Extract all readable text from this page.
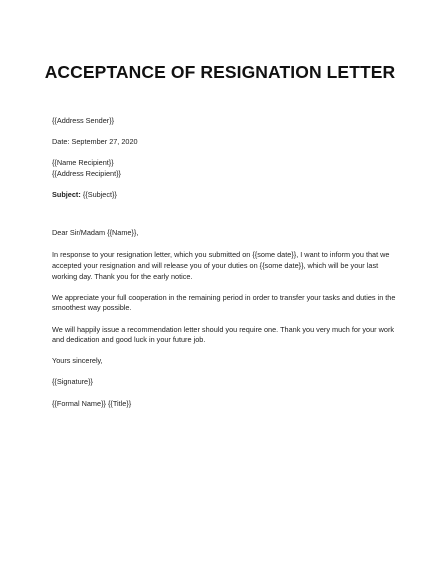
ACCEPTANCE OF RESIGNATION LETTER

{{Address Sender}}

Date: September 27, 2020

{{Name Recipient}}

{{Address Recipient}}

Subject: {{Subject}}

Dear Sir/Madam {{Name}},

In response to your resignation letter, which you submitted on {{some date}}, I want to inform you that we accepted your resignation and will release you of your duties on {{some date}}, which will be your last working day. Thank you for the early notice.

We appreciate your full cooperation in the remaining period in order to transfer your tasks and duties in the smoothest way possible.

We will happily issue a recommendation letter should you require one. Thank you very much for your work and dedication and good luck in your future job.

Yours sincerely,

{{Signature}}

{{Formal Name}} {{Title}}
